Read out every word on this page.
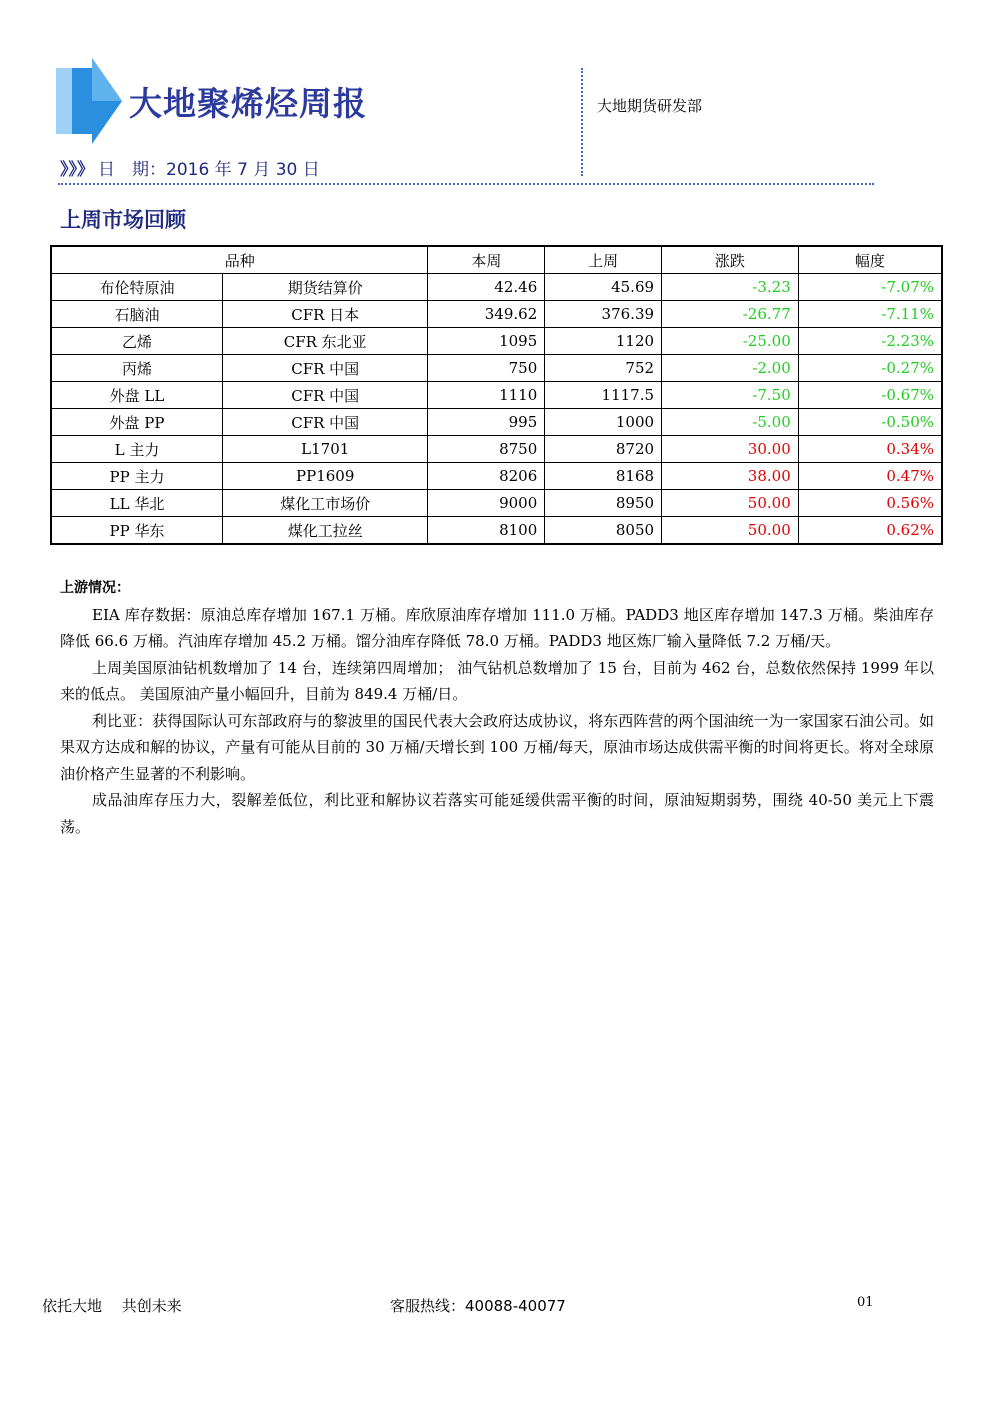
大地聚烯烃周报	大地期货研发部
》》》 日　期：2016 年 7 月 30 日
上周市场回顾
品种		本周	上周	涨跌	幅度
布伦特原油	期货结算价	42.46	45.69	-3.23	-7.07%
石脑油	CFR 日本	349.62	376.39	-26.77	-7.11%
乙烯	CFR 东北亚	1095	1120	-25.00	-2.23%
丙烯	CFR 中国	750	752	-2.00	-0.27%
外盘 LL	CFR 中国	1110	1117.5	-7.50	-0.67%
外盘 PP	CFR 中国	995	1000	-5.00	-0.50%
L 主力	L1701	8750	8720	30.00	0.34%
PP 主力	PP1609	8206	8168	38.00	0.47%
LL 华北	煤化工市场价	9000	8950	50.00	0.56%
PP 华东	煤化工拉丝	8100	8050	50.00	0.62%
上游情况：

EIA 库存数据：原油总库存增加 167.1 万桶。库欣原油库存增加 111.0 万桶。PADD3 地区库存增加 147.3 万桶。柴油库存降低 66.6 万桶。汽油库存增加 45.2 万桶。馏分油库存降低 78.0 万桶。PADD3 地区炼厂输入量降低 7.2 万桶/天。

上周美国原油钻机数增加了 14 台，连续第四周增加； 油气钻机总数增加了 15 台，目前为 462 台，总数依然保持 1999 年以来的低点。 美国原油产量小幅回升，目前为 849.4 万桶/日。

利比亚：获得国际认可东部政府与的黎波里的国民代表大会政府达成协议，将东西阵营的两个国油统一为一家国家石油公司。如果双方达成和解的协议，产量有可能从目前的 30 万桶/天增长到 100 万桶/每天，原油市场达成供需平衡的时间将更长。将对全球原油价格产生显著的不利影响。

成品油库存压力大，裂解差低位，利比亚和解协议若落实可能延缓供需平衡的时间，原油短期弱势，围绕 40-50 美元上下震荡。

依托大地　 共创未来	客服热线：40088-40077	01
